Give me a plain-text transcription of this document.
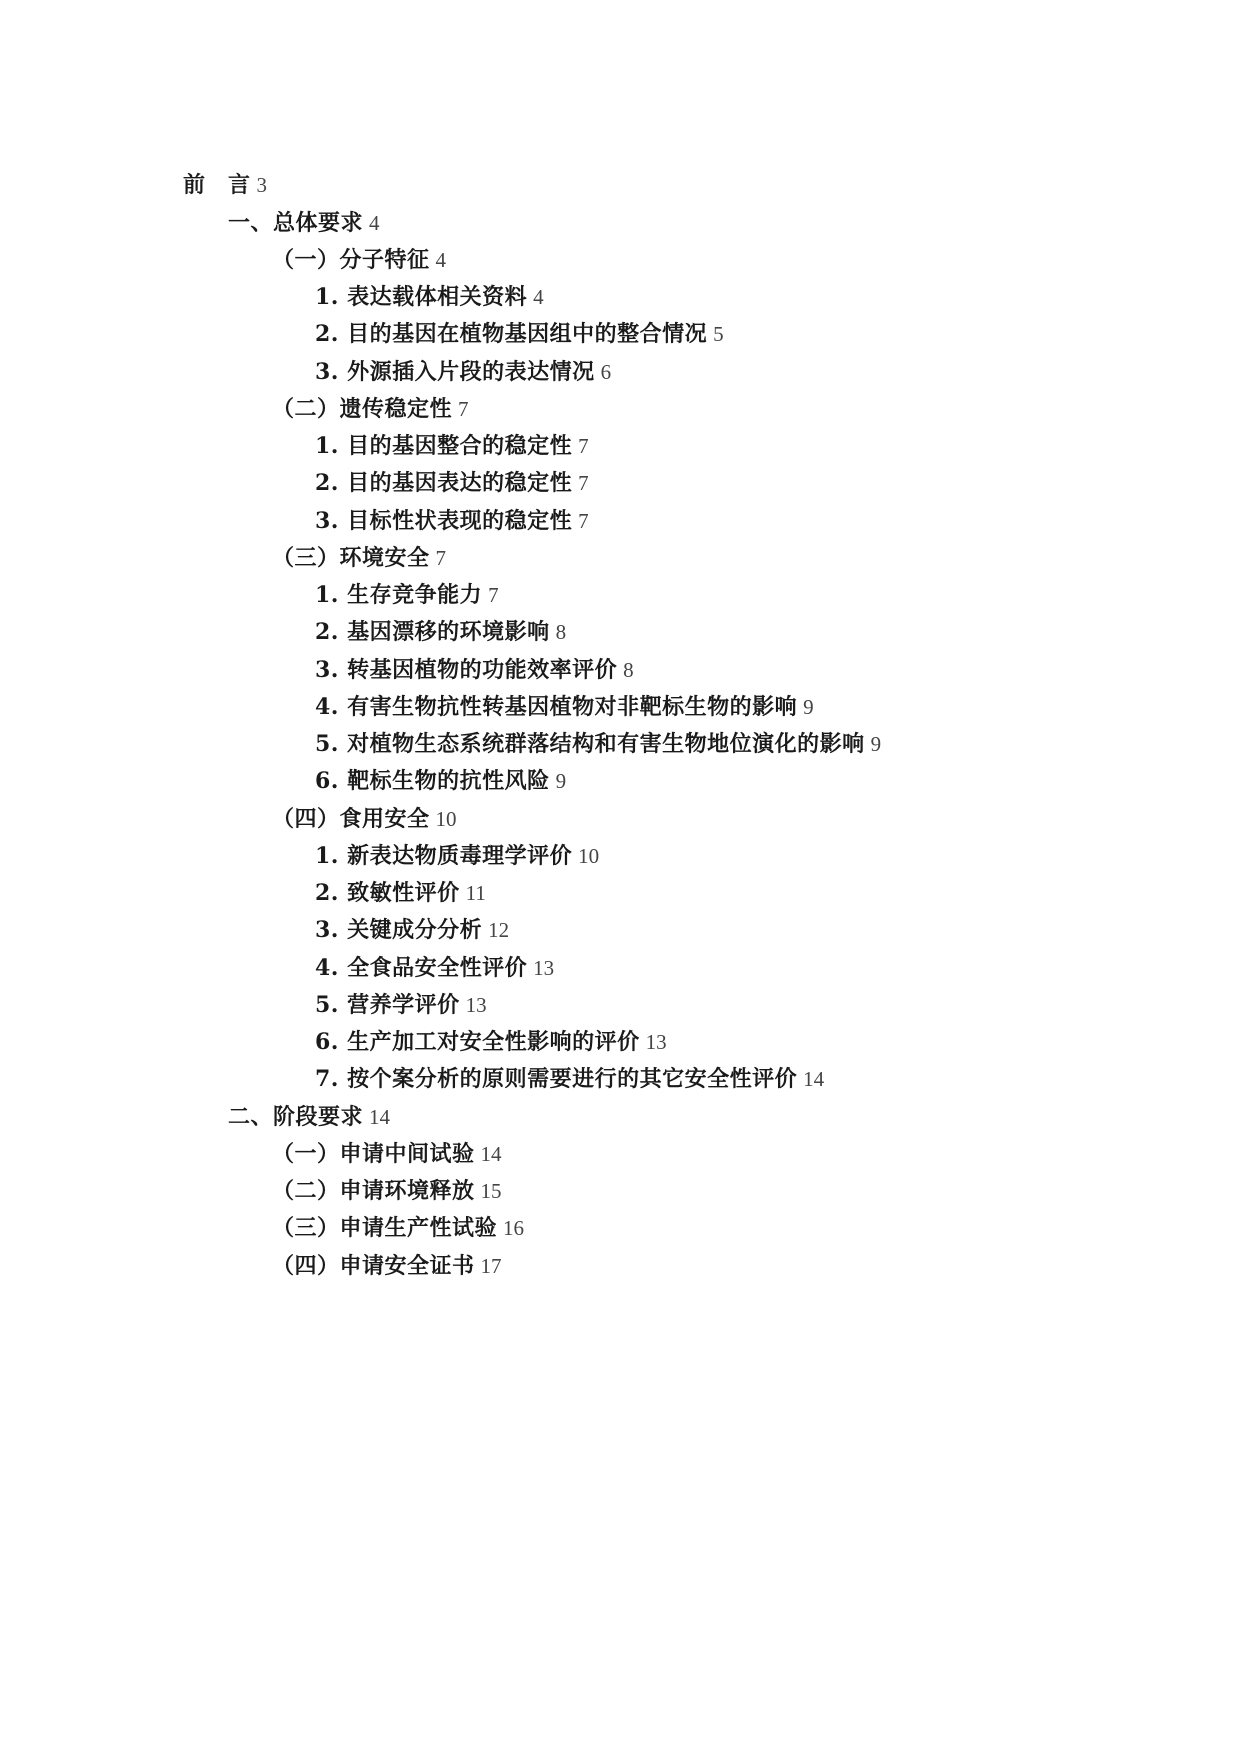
前　言 3
一、总体要求 4
（一）分子特征 4
1. 表达载体相关资料 4
2. 目的基因在植物基因组中的整合情况 5
3. 外源插入片段的表达情况 6
（二）遗传稳定性 7
1. 目的基因整合的稳定性 7
2. 目的基因表达的稳定性 7
3. 目标性状表现的稳定性 7
（三）环境安全 7
1. 生存竞争能力 7
2. 基因漂移的环境影响 8
3. 转基因植物的功能效率评价 8
4. 有害生物抗性转基因植物对非靶标生物的影响 9
5. 对植物生态系统群落结构和有害生物地位演化的影响 9
6. 靶标生物的抗性风险 9
（四）食用安全 10
1. 新表达物质毒理学评价 10
2. 致敏性评价 11
3. 关键成分分析 12
4. 全食品安全性评价 13
5. 营养学评价 13
6. 生产加工对安全性影响的评价 13
7. 按个案分析的原则需要进行的其它安全性评价 14
二、阶段要求 14
（一）申请中间试验 14
（二）申请环境释放 15
（三）申请生产性试验 16
（四）申请安全证书 17
